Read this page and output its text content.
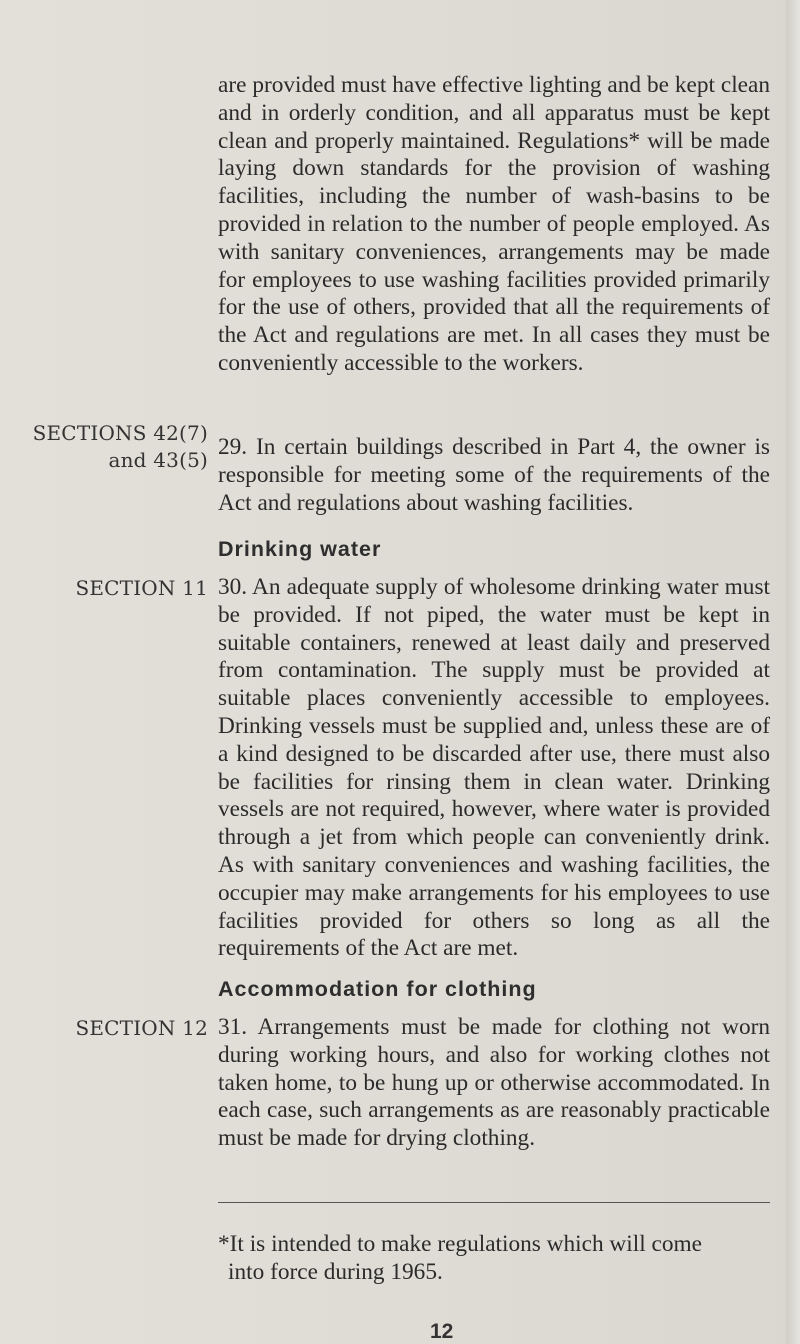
SECTIONS 42(7)
and 43(5)
SECTION 11
SECTION 12

are provided must have effective lighting and be kept clean and in orderly condition, and all apparatus must be kept clean and properly maintained. Regulations* will be made laying down standards for the provision of washing facilities, including the number of wash-basins to be provided in relation to the number of people employed. As with sanitary conveniences, arrangements may be made for employees to use washing facilities provided primarily for the use of others, provided that all the requirements of the Act and regulations are met. In all cases they must be conveniently accessible to the workers.

29. In certain buildings described in Part 4, the owner is responsible for meeting some of the requirements of the Act and regulations about washing facilities.

Drinking water

30. An adequate supply of wholesome drinking water must be provided. If not piped, the water must be kept in suitable containers, renewed at least daily and preserved from contamination. The supply must be provided at suitable places conveniently accessible to employees. Drinking vessels must be supplied and, unless these are of a kind designed to be discarded after use, there must also be facilities for rinsing them in clean water. Drinking vessels are not required, however, where water is provided through a jet from which people can conveniently drink. As with sanitary conveniences and washing facilities, the occupier may make arrangements for his employees to use facilities provided for others so long as all the requirements of the Act are met.

Accommodation for clothing

31. Arrangements must be made for clothing not worn during working hours, and also for working clothes not taken home, to be hung up or otherwise accommodated. In each case, such arrangements as are reasonably practicable must be made for drying clothing.

*It is intended to make regulations which will come
into force during 1965.
12
